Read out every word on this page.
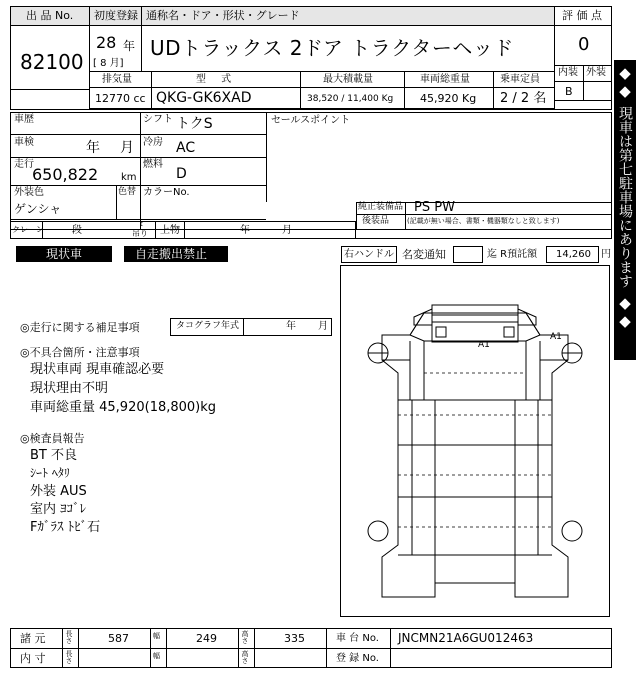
出 品 No.
82100
初度登録
28 年
[ 8 月]
通称名・ドア・形状・グレード
UDトラックス 2ドア トラクターヘッド
評 価 点
0
内装 外装
B
排気量	型 式	最大積載量	車両総重量	乗車定員
12770 cc QKG-GK6XAD	38,520 / 11,400 Kg 45,920 Kg 2 / 2 名
車歴	シフト トクS
車検	年 月 冷房 AC
走行
650,822 km
燃料
D
外装色
ゲンシャ
色替 カラーNo.
セールスポイント
純正装備品 PS PW
後装品	(記載が無い場合、書類・機器類なしと致します)
クレーン	段
t
吊り 上物	年	月
現状車	自走搬出禁止	右ハンドル 名変通知	迄 R預託額 14,260 円
◎走行に関する補足事項	タコグラフ年式	年 月
◎不具合箇所・注意事項
現状車両 現車確認必要
現状理由不明
車両総重量 45,920(18,800)kg
◎検査員報告
BT 不良
ｼｰﾄ ﾍﾀﾘ
外装 AUS
室内 ﾖｺﾞﾚ
Fｶﾞﾗｽ ﾄﾋﾞ石
A1
A1
◆◆
現車は第七駐車場にあります
◆◆
諸 元	長さ	587	幅	249	高さ	335	車 台 No. JNCMN21A6GU012463
内 寸	長さ	幅	高さ	登 録 No.
